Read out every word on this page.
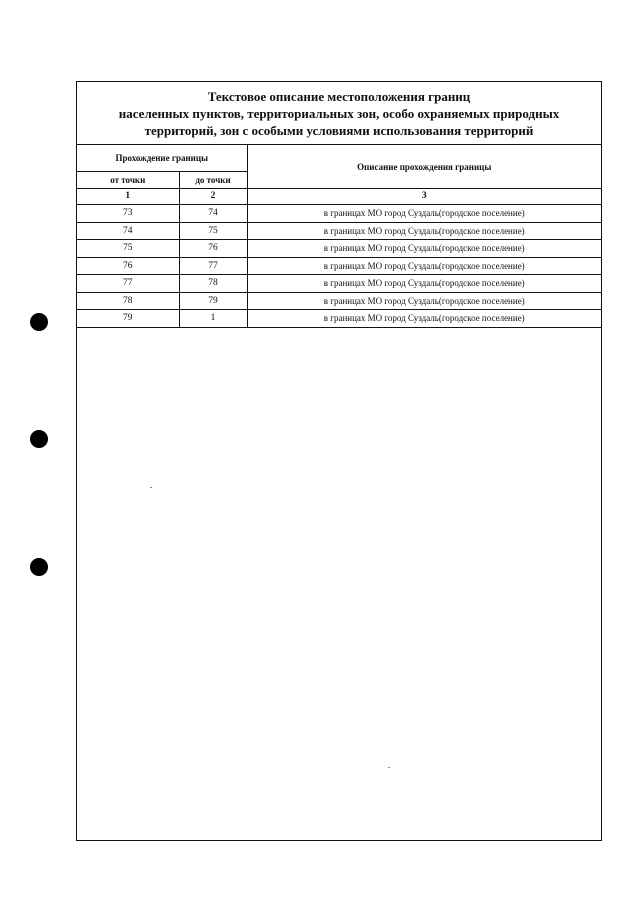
Текстовое описание местоположения границ
населенных пунктов, территориальных зон, особо охраняемых природных
территорий, зон с особыми условиями использования территорий
Прохождение границы		Описание прохождения границы
от точки	до точки	
1	2	3
73	74	в границах МО город Суздаль(городское поселение)
74	75	в границах МО город Суздаль(городское поселение)
75	76	в границах МО город Суздаль(городское поселение)
76	77	в границах МО город Суздаль(городское поселение)
77	78	в границах МО город Суздаль(городское поселение)
78	79	в границах МО город Суздаль(городское поселение)
79	1	в границах МО город Суздаль(городское поселение)
